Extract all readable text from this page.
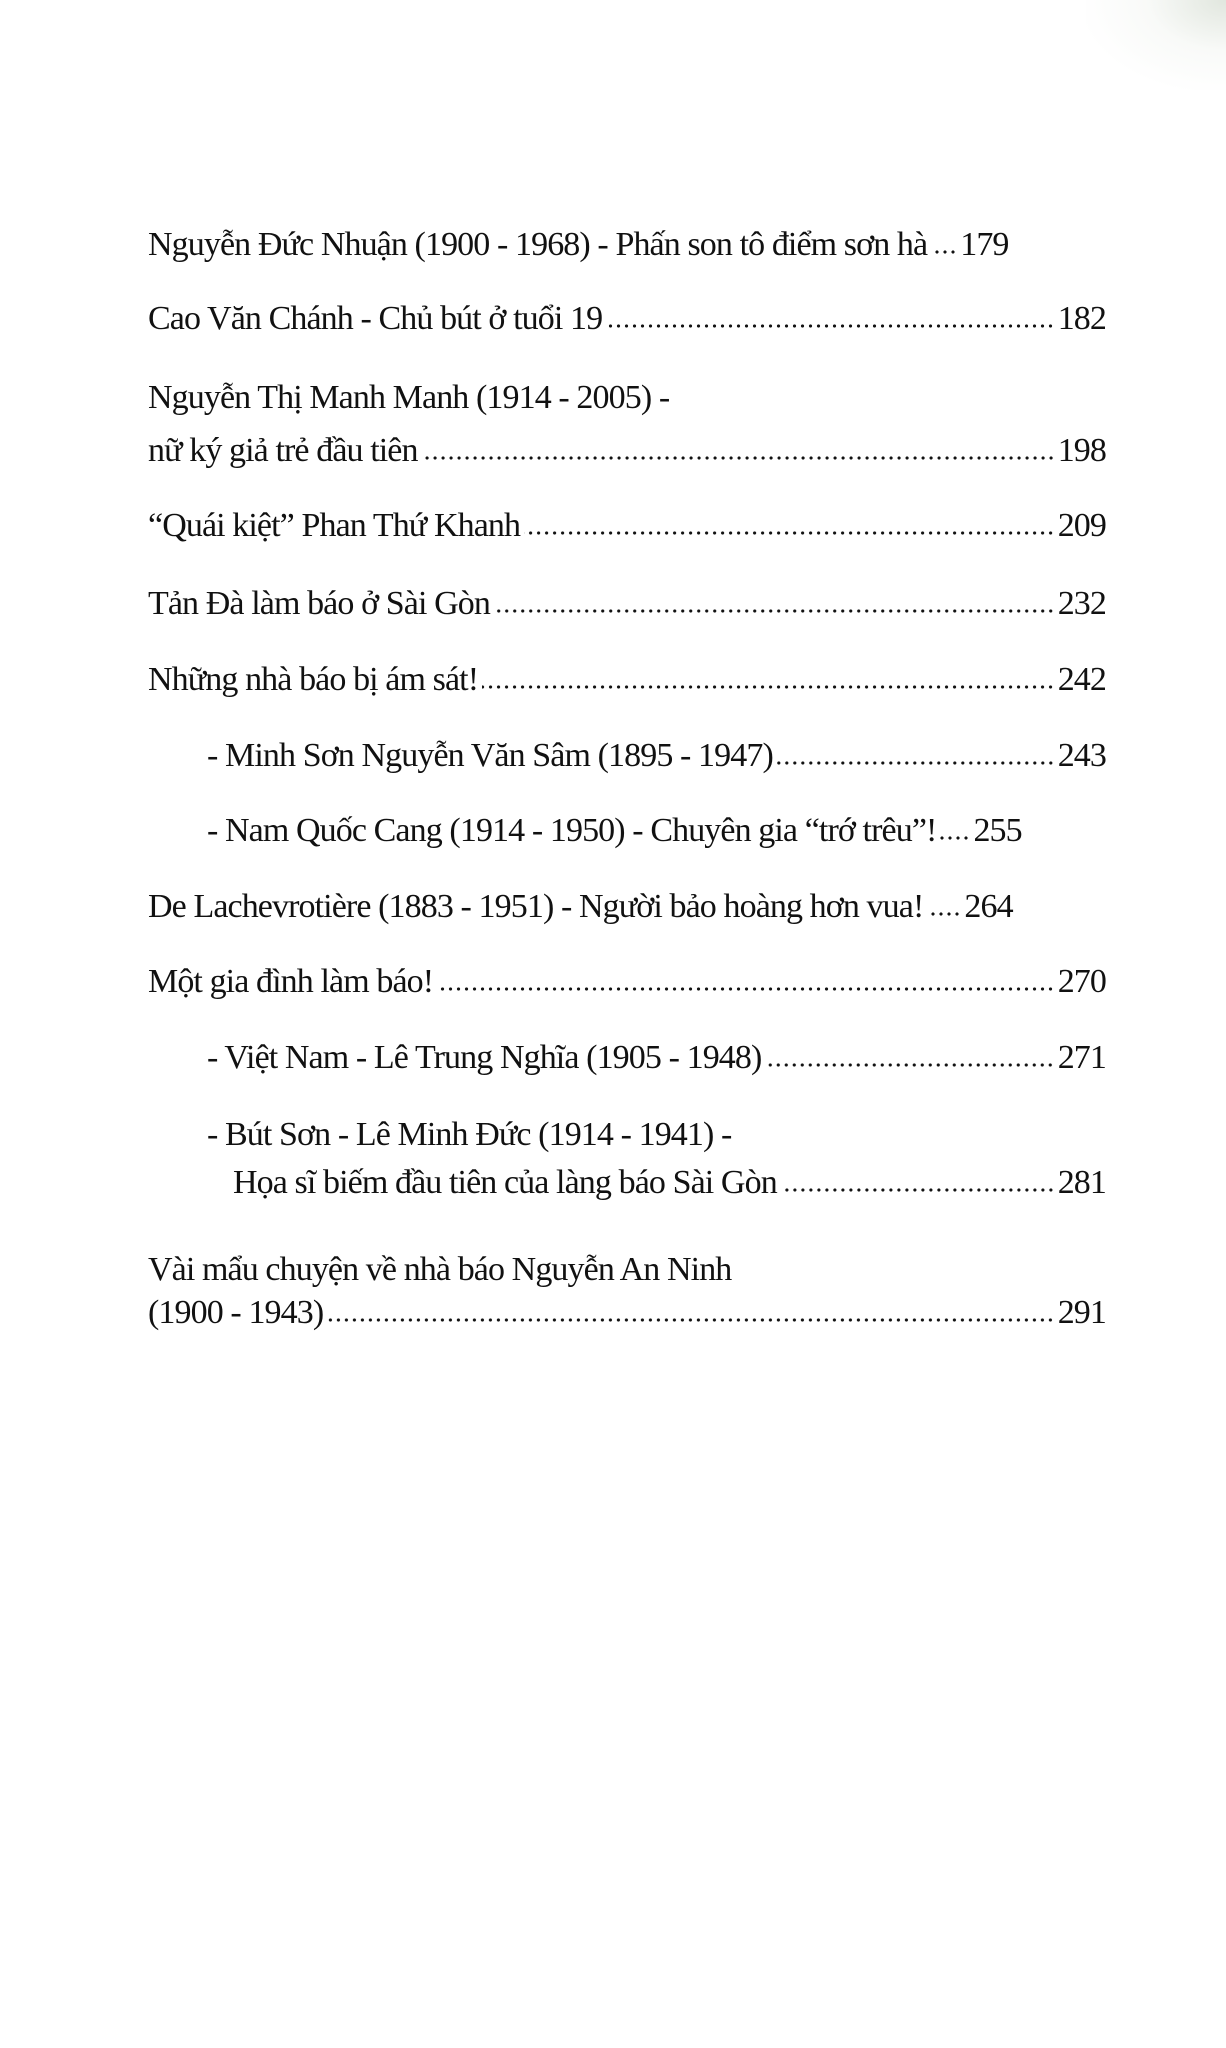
Nguyễn Đức Nhuận (1900 - 1968) - Phấn son tô điểm sơn hà 179
Cao Văn Chánh - Chủ bút ở tuổi 19	182
Nguyễn Thị Manh Manh (1914 - 2005) -
nữ ký giả trẻ đầu tiên	198
“Quái kiệt” Phan Thứ Khanh	209
Tản Đà làm báo ở Sài Gòn	232
Những nhà báo bị ám sát!	242
- Minh Sơn Nguyễn Văn Sâm (1895 - 1947)	243
- Nam Quốc Cang (1914 - 1950) - Chuyên gia “trớ trêu”! 255
De Lachevrotière (1883 - 1951) - Người bảo hoàng hơn vua! 264
Một gia đình làm báo!	270
- Việt Nam - Lê Trung Nghĩa (1905 - 1948)	271
- Bút Sơn - Lê Minh Đức (1914 - 1941) -
Họa sĩ biếm đầu tiên của làng báo Sài Gòn	281
Vài mẩu chuyện về nhà báo Nguyễn An Ninh
(1900 - 1943)	291
